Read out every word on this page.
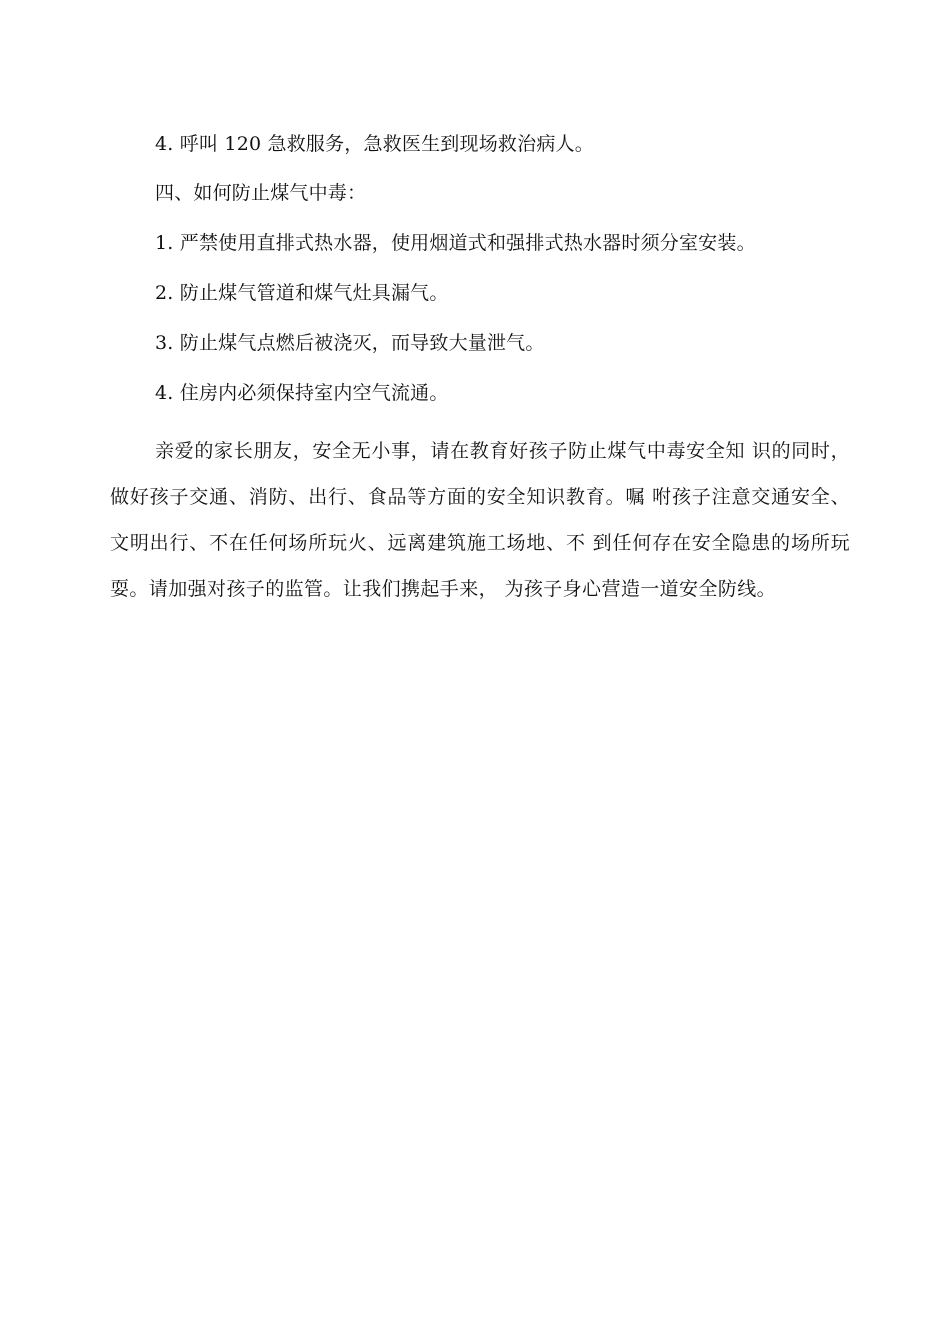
4. 呼叫 120 急救服务，急救医生到现场救治病人。
四、如何防止煤气中毒：
1. 严禁使用直排式热水器，使用烟道式和强排式热水器时须分室安装。
2. 防止煤气管道和煤气灶具漏气。
3. 防止煤气点燃后被浇灭，而导致大量泄气。
4. 住房内必须保持室内空气流通。

亲爱的家长朋友，安全无小事，请在教育好孩子防止煤气中毒安全知 识的同时，做好孩子交通、消防、出行、食品等方面的安全知识教育。嘱 咐孩子注意交通安全、文明出行、不在任何场所玩火、远离建筑施工场地、不 到任何存在安全隐患的场所玩耍。请加强对孩子的监管。让我们携起手来， 为孩子身心营造一道安全防线。
